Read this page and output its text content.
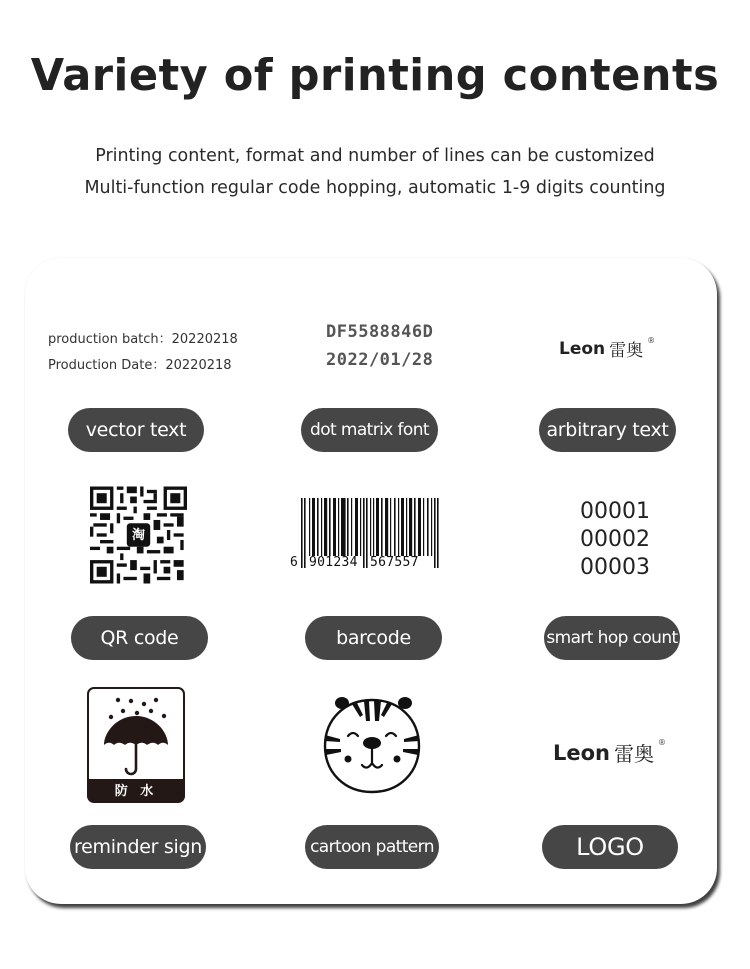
Variety of printing contents
Printing content, format and number of lines can be customized
Multi-function regular code hopping, automatic 1-9 digits counting
production batch：20220218
Production Date：20220218
DF5588846D
2022/01/28
Leon 雷奥
®
vector text	dot matrix font	arbitrary text
淘
6 901234 567557
00001
00002
00003
QR code	barcode	smart hop count
防 水
Leon 雷奥 ®
reminder sign	cartoon pattern	LOGO
